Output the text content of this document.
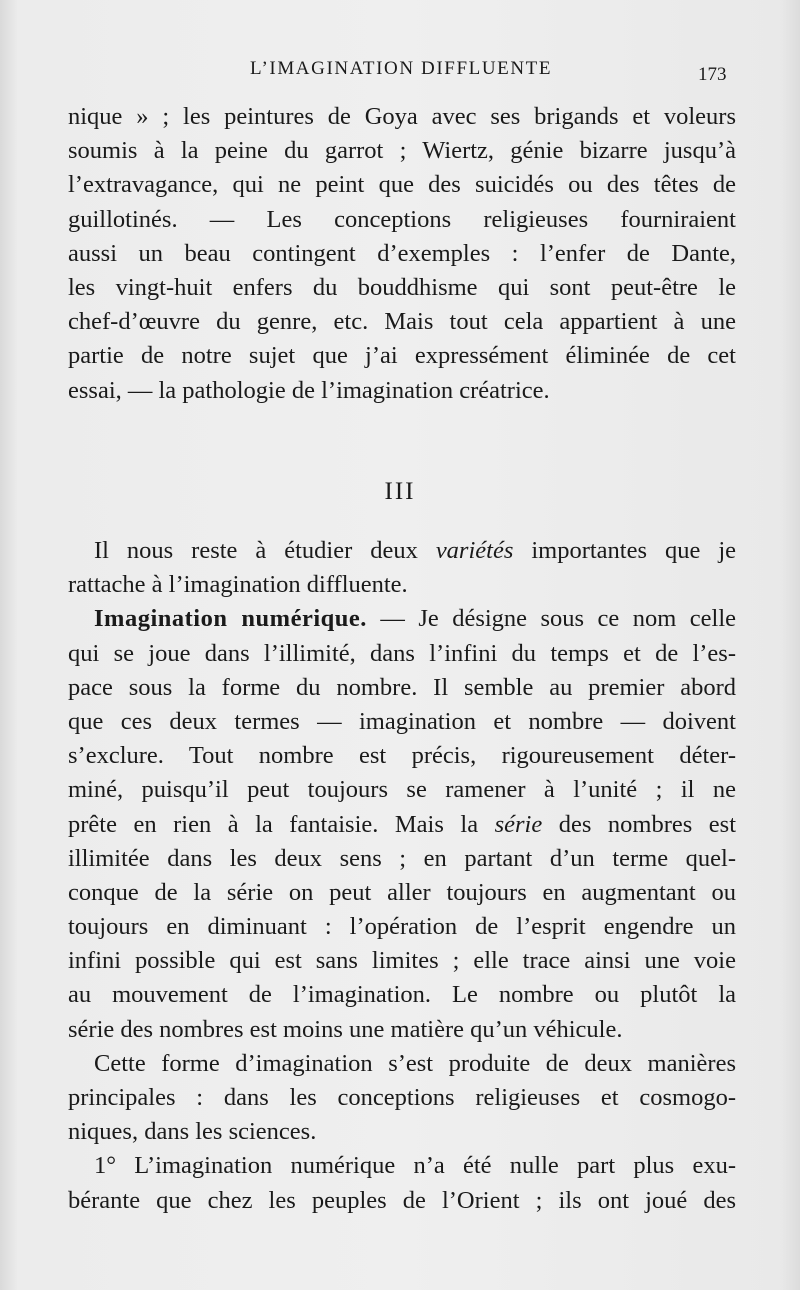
L’IMAGINATION DIFFLUENTE	173
nique » ; les peintures de Goya avec ses brigands et voleurs
soumis à la peine du garrot ; Wiertz, génie bizarre jusqu’à
l’extravagance, qui ne peint que des suicidés ou des têtes de
guillotinés. — Les conceptions religieuses fourniraient
aussi un beau contingent d’exemples : l’enfer de Dante,
les vingt-huit enfers du bouddhisme qui sont peut-être le
chef-d’œuvre du genre, etc. Mais tout cela appartient à une
partie de notre sujet que j’ai expressément éliminée de cet
essai, — la pathologie de l’imagination créatrice.
III
Il nous reste à étudier deux variétés importantes que je
rattache à l’imagination diffluente.
Imagination numérique. — Je désigne sous ce nom celle
qui se joue dans l’illimité, dans l’infini du temps et de l’es-
pace sous la forme du nombre. Il semble au premier abord
que ces deux termes — imagination et nombre — doivent
s’exclure. Tout nombre est précis, rigoureusement déter-
miné, puisqu’il peut toujours se ramener à l’unité ; il ne
prête en rien à la fantaisie. Mais la série des nombres est
illimitée dans les deux sens ; en partant d’un terme quel-
conque de la série on peut aller toujours en augmentant ou
toujours en diminuant : l’opération de l’esprit engendre un
infini possible qui est sans limites ; elle trace ainsi une voie
au mouvement de l’imagination. Le nombre ou plutôt la
série des nombres est moins une matière qu’un véhicule.
Cette forme d’imagination s’est produite de deux manières
principales : dans les conceptions religieuses et cosmogo-
niques, dans les sciences.
1° L’imagination numérique n’a été nulle part plus exu-
bérante que chez les peuples de l’Orient ; ils ont joué des
